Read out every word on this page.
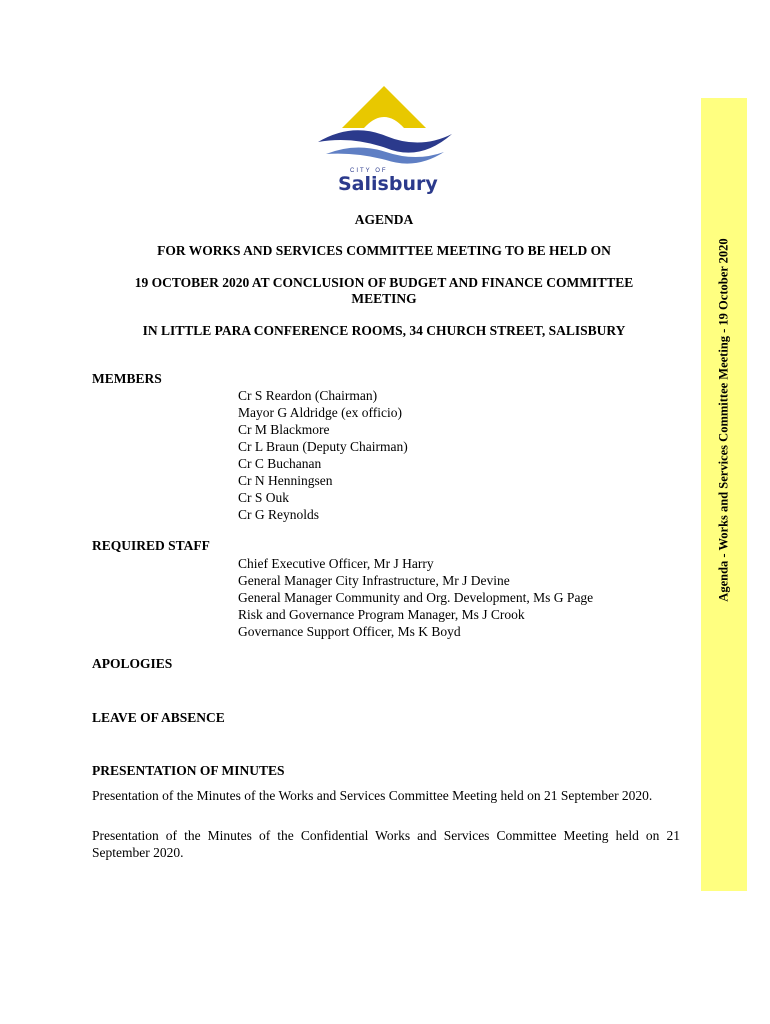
CITY OF
Salisbury
AGENDA
FOR WORKS AND SERVICES COMMITTEE MEETING TO BE HELD ON
19 OCTOBER 2020 AT CONCLUSION OF BUDGET AND FINANCE COMMITTEE
MEETING
IN LITTLE PARA CONFERENCE ROOMS, 34 CHURCH STREET, SALISBURY
MEMBERS
Cr S Reardon (Chairman)
Mayor G Aldridge (ex officio)
Cr M Blackmore
Cr L Braun (Deputy Chairman)
Cr C Buchanan
Cr N Henningsen
Cr S Ouk
Cr G Reynolds
REQUIRED STAFF
Chief Executive Officer, Mr J Harry
General Manager City Infrastructure, Mr J Devine
General Manager Community and Org. Development, Ms G Page
Risk and Governance Program Manager, Ms J Crook
Governance Support Officer, Ms K Boyd
APOLOGIES
LEAVE OF ABSENCE
PRESENTATION OF MINUTES
Presentation of the Minutes of the Works and Services Committee Meeting held on 21 September 2020.
Presentation of the Minutes of the Confidential Works and Services Committee Meeting held on 21 September 2020.
Agenda - Works and Services Committee Meeting - 19 October 2020
